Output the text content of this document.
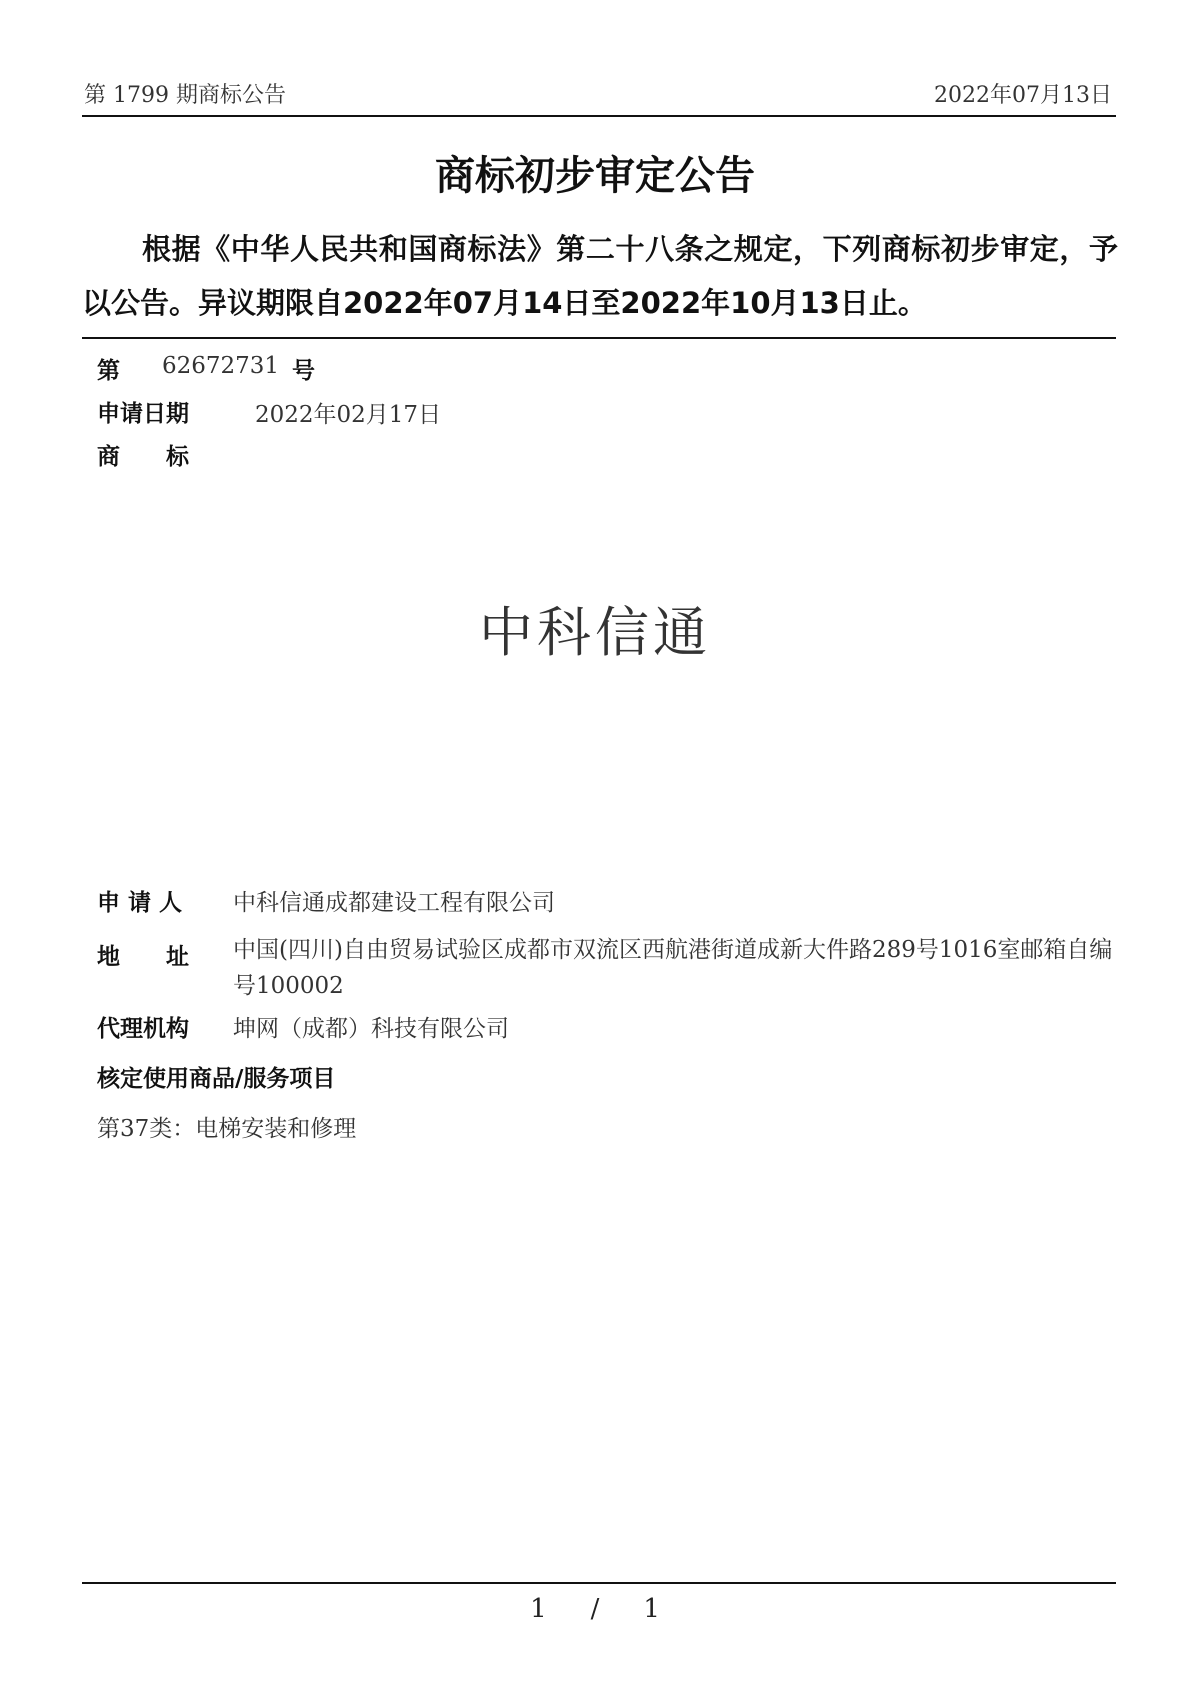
第 1799 期商标公告	2022年07月13日
商标初步审定公告
根据《中华人民共和国商标法》第二十八条之规定，下列商标初步审定，予以公告。异议期限自2022年07月14日至2022年10月13日止。
第 62672731 号
申请日期	2022年02月17日
商　　标
中科信通
申 请 人 中科信通成都建设工程有限公司
地　　址 中国(四川)自由贸易试验区成都市双流区西航港街道成新大件路289号1016室邮箱自编号100002
代理机构 坤网（成都）科技有限公司
核定使用商品/服务项目
第37类：电梯安装和修理
1 / 1
